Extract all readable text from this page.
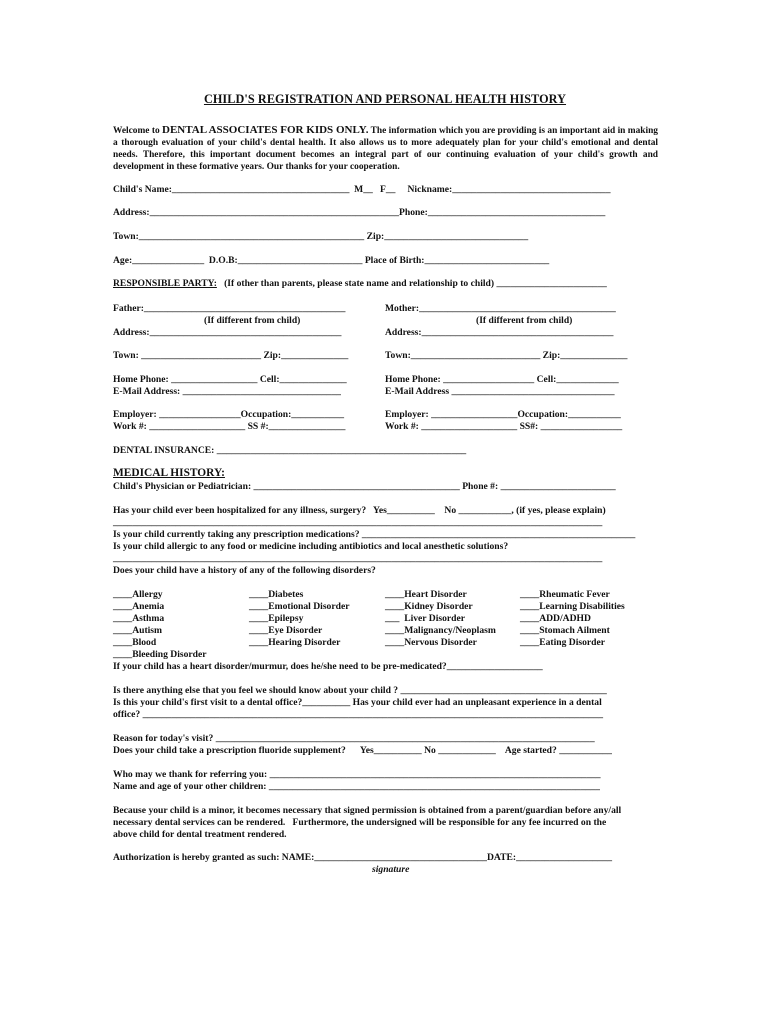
CHILD'S REGISTRATION AND PERSONAL HEALTH HISTORY
Welcome to DENTAL ASSOCIATES FOR KIDS ONLY. The information which you are providing is an important aid in making a thorough evaluation of your child's dental health. It also allows us to more adequately plan for your child's emotional and dental needs. Therefore, this important document becomes an integral part of our continuing evaluation of your child's growth and development in these formative years. Our thanks for your cooperation.
Child's Name:_____________________________________  M__   F__     Nickname:_________________________________
Address:____________________________________________________Phone:_____________________________________
Town:_______________________________________________ Zip:______________________________
Age:_______________  D.O.B:__________________________ Place of Birth:__________________________
RESPONSIBLE PARTY:   (If other than parents, please state name and relationship to child) _______________________
Father:__________________________________________
(If different from child)
Address:________________________________________
Town: _________________________ Zip:______________
Home Phone: __________________ Cell:______________
E-Mail Address: _________________________________
Employer: _________________Occupation:___________
Work #: ____________________ SS #:________________
Mother:_________________________________________
(If different from child)
Address:________________________________________
Town:___________________________ Zip:______________
Home Phone: ___________________ Cell:_____________
E-Mail Address __________________________________
Employer: __________________Occupation:___________
Work #: ____________________ SS#: _________________
DENTAL INSURANCE: ____________________________________________________
MEDICAL HISTORY:
Child's Physician or Pediatrician: ___________________________________________ Phone #: ________________________
Has your child ever been hospitalized for any illness, surgery?   Yes__________    No ___________, (if yes, please explain)
______________________________________________________________________________________________________
Is your child currently taking any prescription medications? _________________________________________________________
Is your child allergic to any food or medicine including antibiotics and local anesthetic solutions?
______________________________________________________________________________________________________
Does your child have a history of any of the following disorders?
____Allergy
____Anemia
____Asthma
____Autism
____Blood
____Bleeding Disorder
____Diabetes
____Emotional Disorder
____Epilepsy
____Eye Disorder
____Hearing Disorder
____Heart Disorder
____Kidney Disorder
___  Liver Disorder
____Malignancy/Neoplasm
____Nervous Disorder
____Rheumatic Fever
____Learning Disabilities
____ADD/ADHD
____Stomach Ailment
____Eating Disorder
If your child has a heart disorder/murmur, does he/she need to be pre-medicated?____________________
Is there anything else that you feel we should know about your child ? ___________________________________________
Is this your child's first visit to a dental office?__________ Has your child ever had an unpleasant experience in a dental
office? ________________________________________________________________________________________________
Reason for today's visit? _______________________________________________________________________________
Does your child take a prescription fluoride supplement?      Yes__________ No ____________    Age started? ___________
Who may we thank for referring you: _____________________________________________________________________
Name and age of your other children: _____________________________________________________________________
Because your child is a minor, it becomes necessary that signed permission is obtained from a parent/guardian before any/all
necessary dental services can be rendered.   Furthermore, the undersigned will be responsible for any fee incurred on the
above child for dental treatment rendered.
Authorization is hereby granted as such: NAME:____________________________________DATE:____________________
signature
